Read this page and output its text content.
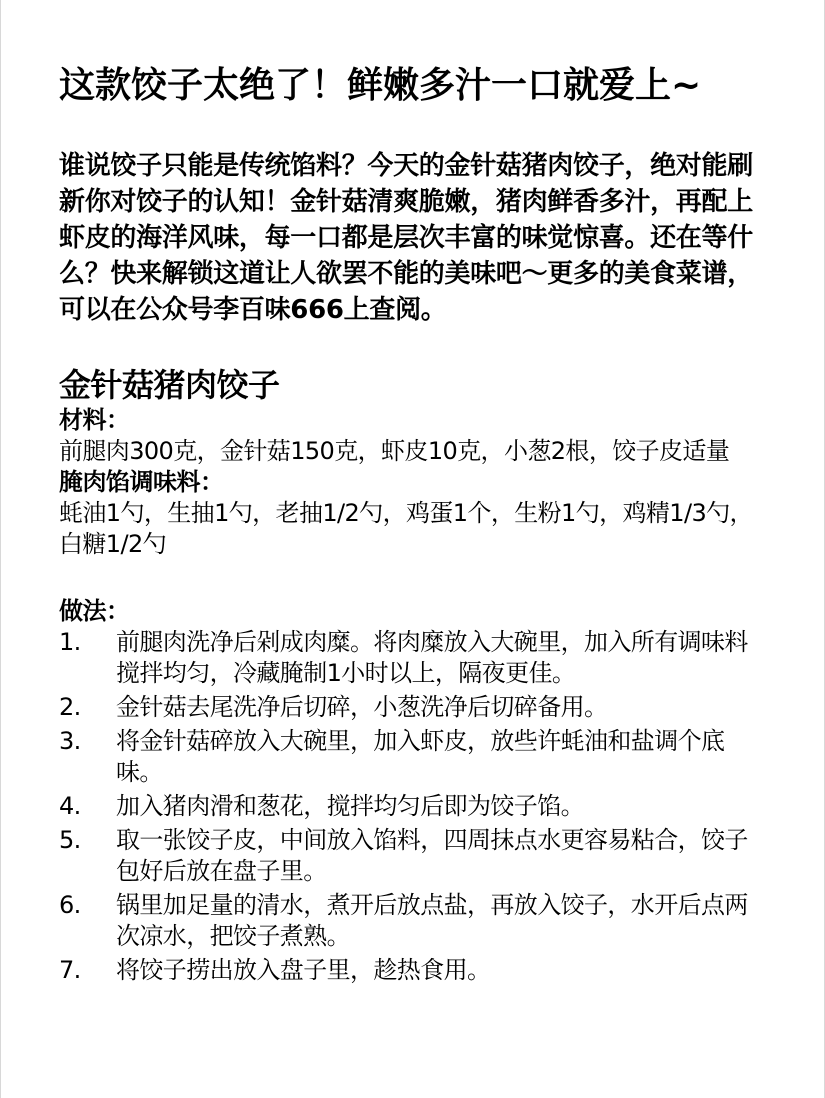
这款饺子太绝了！鲜嫩多汁一口就爱上~

谁说饺子只能是传统馅料？今天的金针菇猪肉饺子，绝对能刷新你对饺子的认知！金针菇清爽脆嫩，猪肉鲜香多汁，再配上虾皮的海洋风味，每一口都是层次丰富的味觉惊喜。还在等什么？快来解锁这道让人欲罢不能的美味吧～更多的美食菜谱，可以在公众号李百味666上查阅。

金针菇猪肉饺子
材料：
前腿肉300克，金针菇150克，虾皮10克，小葱2根，饺子皮适量
腌肉馅调味料：
蚝油1勺，生抽1勺，老抽1/2勺，鸡蛋1个，生粉1勺，鸡精1/3勺，白糖1/2勺
做法：
1.	前腿肉洗净后剁成肉糜。将肉糜放入大碗里，加入所有调味料搅拌均匀，冷藏腌制1小时以上，隔夜更佳。
2.	金针菇去尾洗净后切碎，小葱洗净后切碎备用。
3.	将金针菇碎放入大碗里，加入虾皮，放些许蚝油和盐调个底味。
4.	加入猪肉滑和葱花，搅拌均匀后即为饺子馅。
5.	取一张饺子皮，中间放入馅料，四周抹点水更容易粘合，饺子包好后放在盘子里。
6.	锅里加足量的清水，煮开后放点盐，再放入饺子，水开后点两次凉水，把饺子煮熟。
7.	将饺子捞出放入盘子里，趁热食用。
